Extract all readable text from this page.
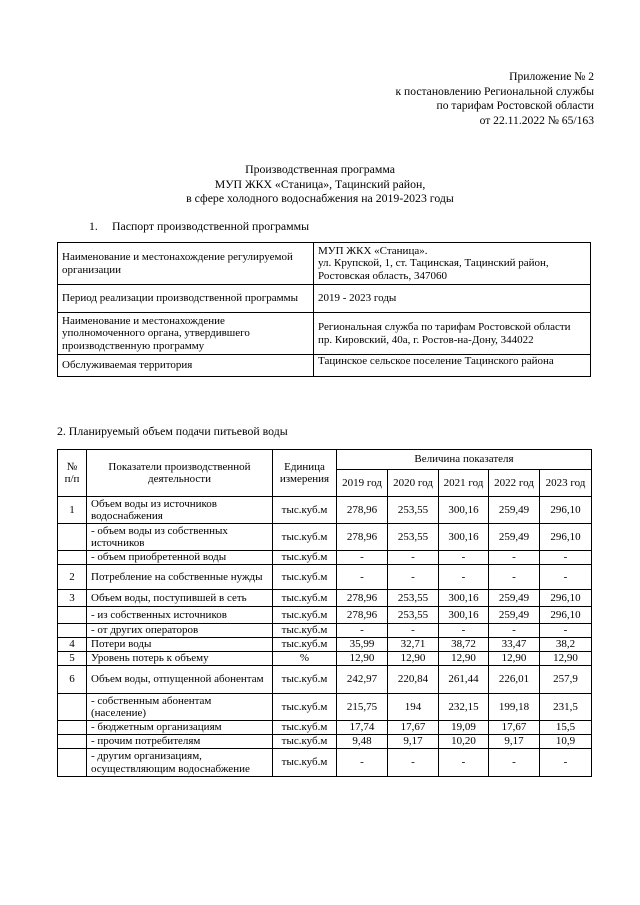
Приложение № 2
к постановлению Региональной службы
по тарифам Ростовской области
от 22.11.2022 № 65/163
Производственная программа
МУП ЖКХ «Станица», Тацинский район,
в сфере холодного водоснабжения на 2019-2023 годы
1. Паспорт производственной программы
Наименование и местонахождение регулируемой организации	МУП ЖКХ «Станица».
ул. Крупской, 1, ст. Тацинская, Тацинский район,
Ростовская область, 347060

Период реализации производственной программы	2019 - 2023 годы

Наименование и местонахождение уполномоченного органа, утвердившего производственную программу	Региональная служба по тарифам Ростовской области
пр. Кировский, 40а, г. Ростов-на-Дону, 344022

Обслуживаемая территория	Тацинское сельское поселение Тацинского района
2. Планируемый объем подачи питьевой воды
№ п/п	Показатели производственной деятельности	Единица измерения	Величина показателя				
			2019 год	2020 год	2021 год	2022 год	2023 год
1	Объем воды из источников водоснабжения	тыс.куб.м	278,96	253,55	300,16	259,49	296,10
	- объем воды из собственных источников	тыс.куб.м	278,96	253,55	300,16	259,49	296,10
	- объем приобретенной воды	тыс.куб.м	-	-	-	-	-
2	Потребление на собственные нужды	тыс.куб.м	-	-	-	-	-
3	Объем воды, поступившей в сеть	тыс.куб.м	278,96	253,55	300,16	259,49	296,10
	- из собственных источников	тыс.куб.м	278,96	253,55	300,16	259,49	296,10
	- от других операторов	тыс.куб.м	-	-	-	-	-
4	Потери воды	тыс.куб.м	35,99	32,71	38,72	33,47	38,2
5	Уровень потерь к объему	%	12,90	12,90	12,90	12,90	12,90
6	Объем воды, отпущенной абонентам	тыс.куб.м	242,97	220,84	261,44	226,01	257,9
	- собственным абонентам (население)	тыс.куб.м	215,75	194	232,15	199,18	231,5
	- бюджетным организациям	тыс.куб.м	17,74	17,67	19,09	17,67	15,5
	- прочим потребителям	тыс.куб.м	9,48	9,17	10,20	9,17	10,9
	- другим организациям, осуществляющим водоснабжение	тыс.куб.м	-	-	-	-	-
